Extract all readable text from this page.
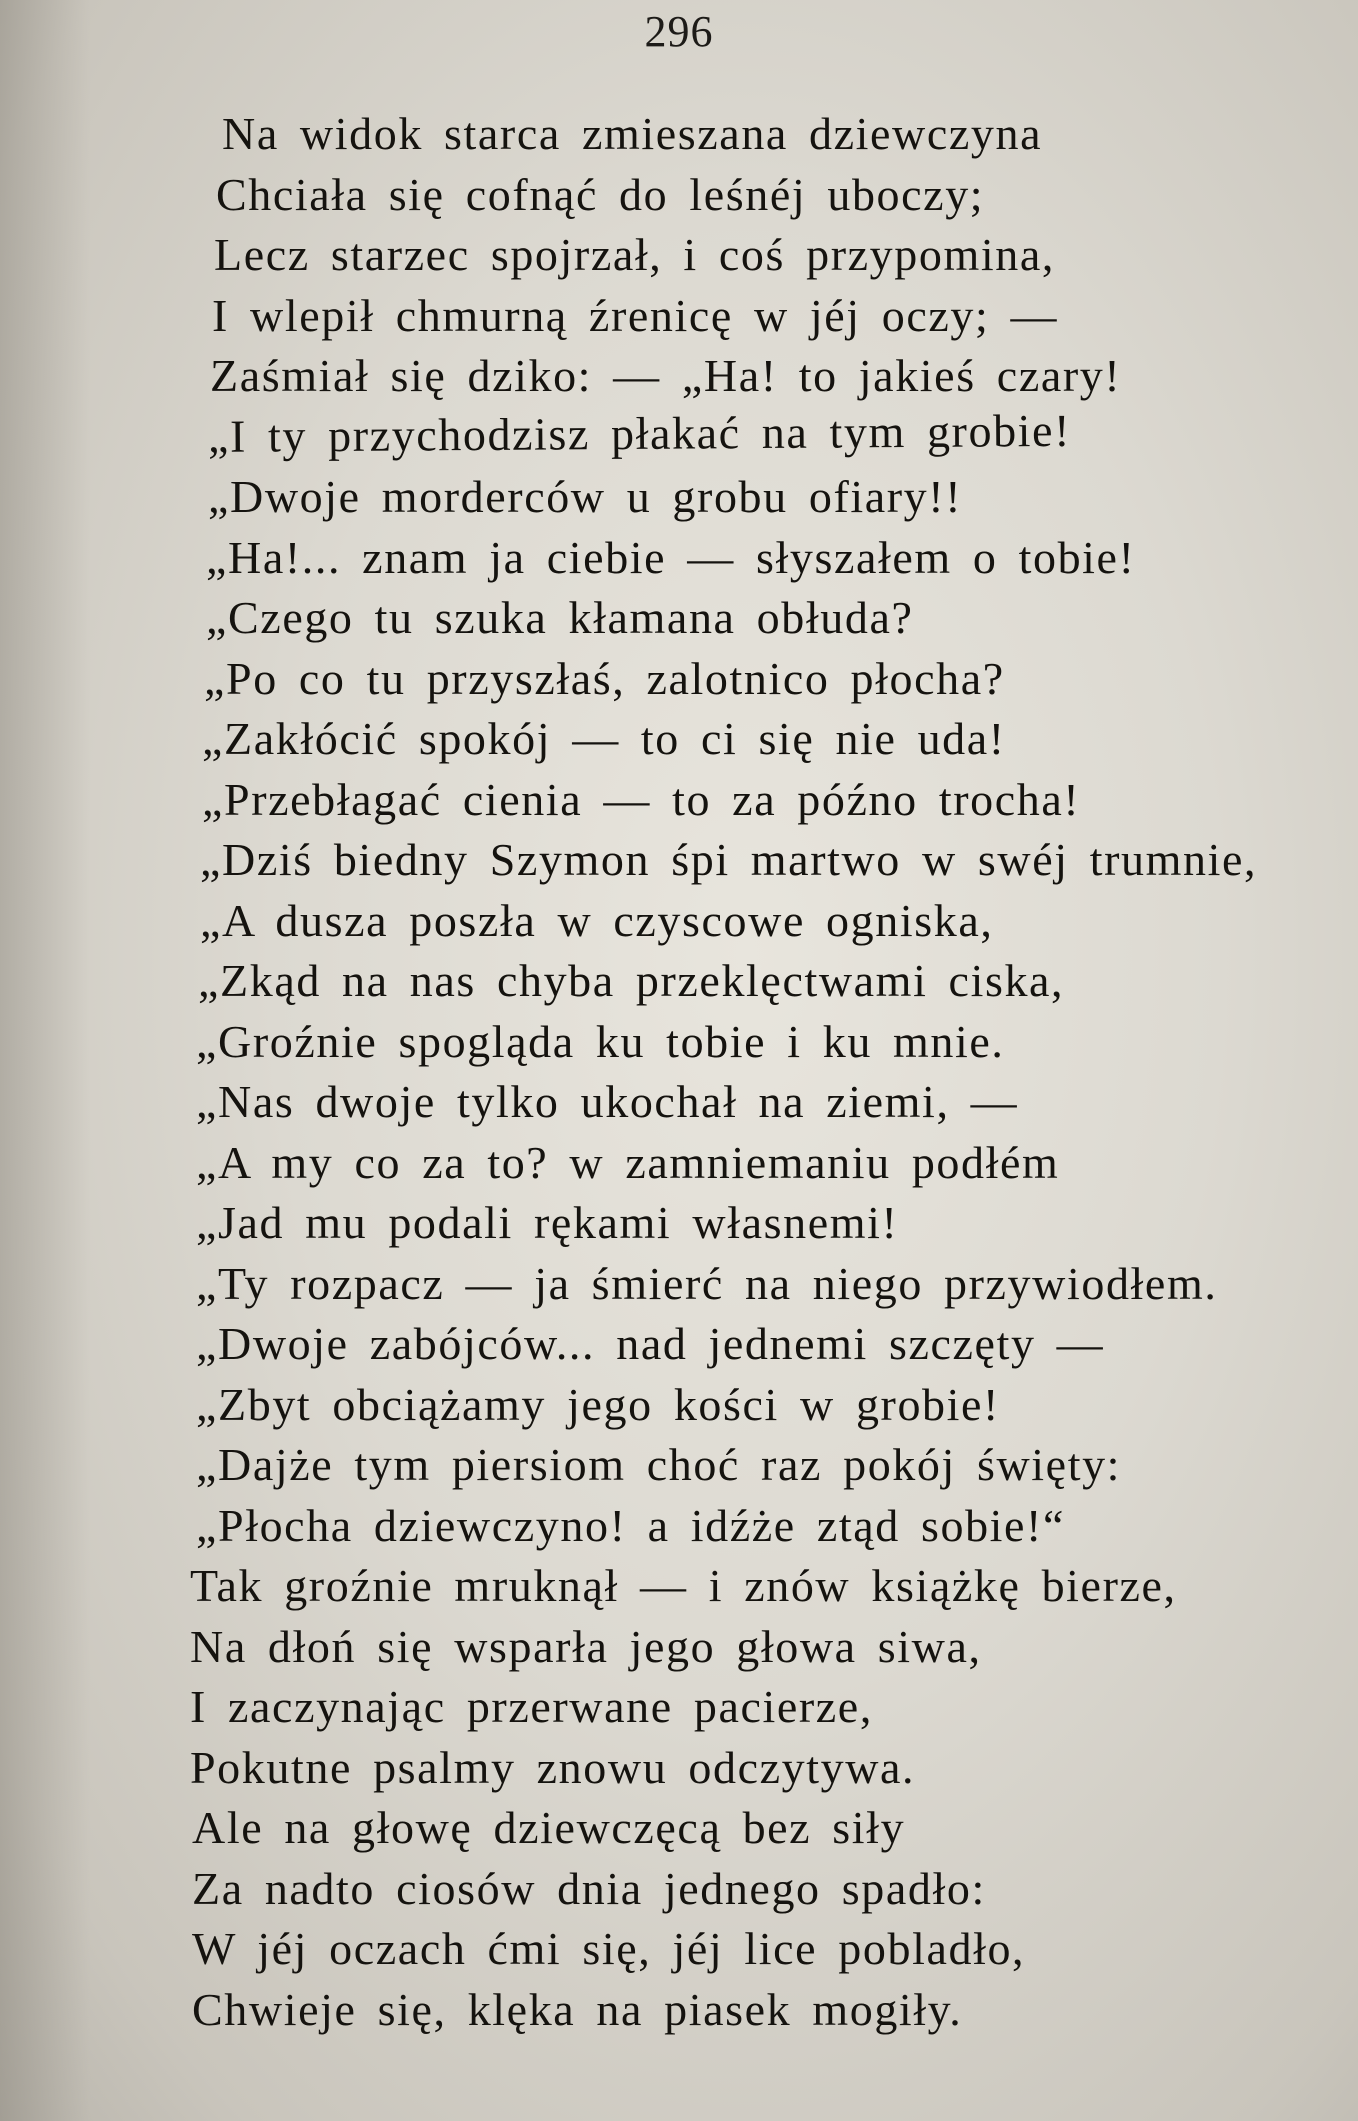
296
Na widok starca zmieszana dziewczyna
Chciała się cofnąć do leśnéj uboczy;
Lecz starzec spojrzał, i coś przypomina,
I wlepił chmurną źrenicę w jéj oczy; —
Zaśmiał się dziko: — „Ha! to jakieś czary!
„I ty przychodzisz płakać na tym grobie!
„Dwoje morderców u grobu ofiary!!
„Ha!... znam ja ciebie — słyszałem o tobie!
„Czego tu szuka kłamana obłuda?
„Po co tu przyszłaś, zalotnico płocha?
„Zakłócić spokój — to ci się nie uda!
„Przebłagać cienia — to za późno trocha!
„Dziś biedny Szymon śpi martwo w swéj trumnie,
„A dusza poszła w czyscowe ogniska,
„Zkąd na nas chyba przeklęctwami ciska,
„Groźnie spogląda ku tobie i ku mnie.
„Nas dwoje tylko ukochał na ziemi, —
„A my co za to? w zamniemaniu podłém
„Jad mu podali rękami własnemi!
„Ty rozpacz — ja śmierć na niego przywiodłem.
„Dwoje zabójców... nad jednemi szczęty —
„Zbyt obciążamy jego kości w grobie!
„Dajże tym piersiom choć raz pokój święty:
„Płocha dziewczyno! a idźże ztąd sobie!“
Tak groźnie mruknął — i znów książkę bierze,
Na dłoń się wsparła jego głowa siwa,
I zaczynając przerwane pacierze,
Pokutne psalmy znowu odczytywa.
Ale na głowę dziewczęcą bez siły
Za nadto ciosów dnia jednego spadło:
W jéj oczach ćmi się, jéj lice pobladło,
Chwieje się, klęka na piasek mogiły.
